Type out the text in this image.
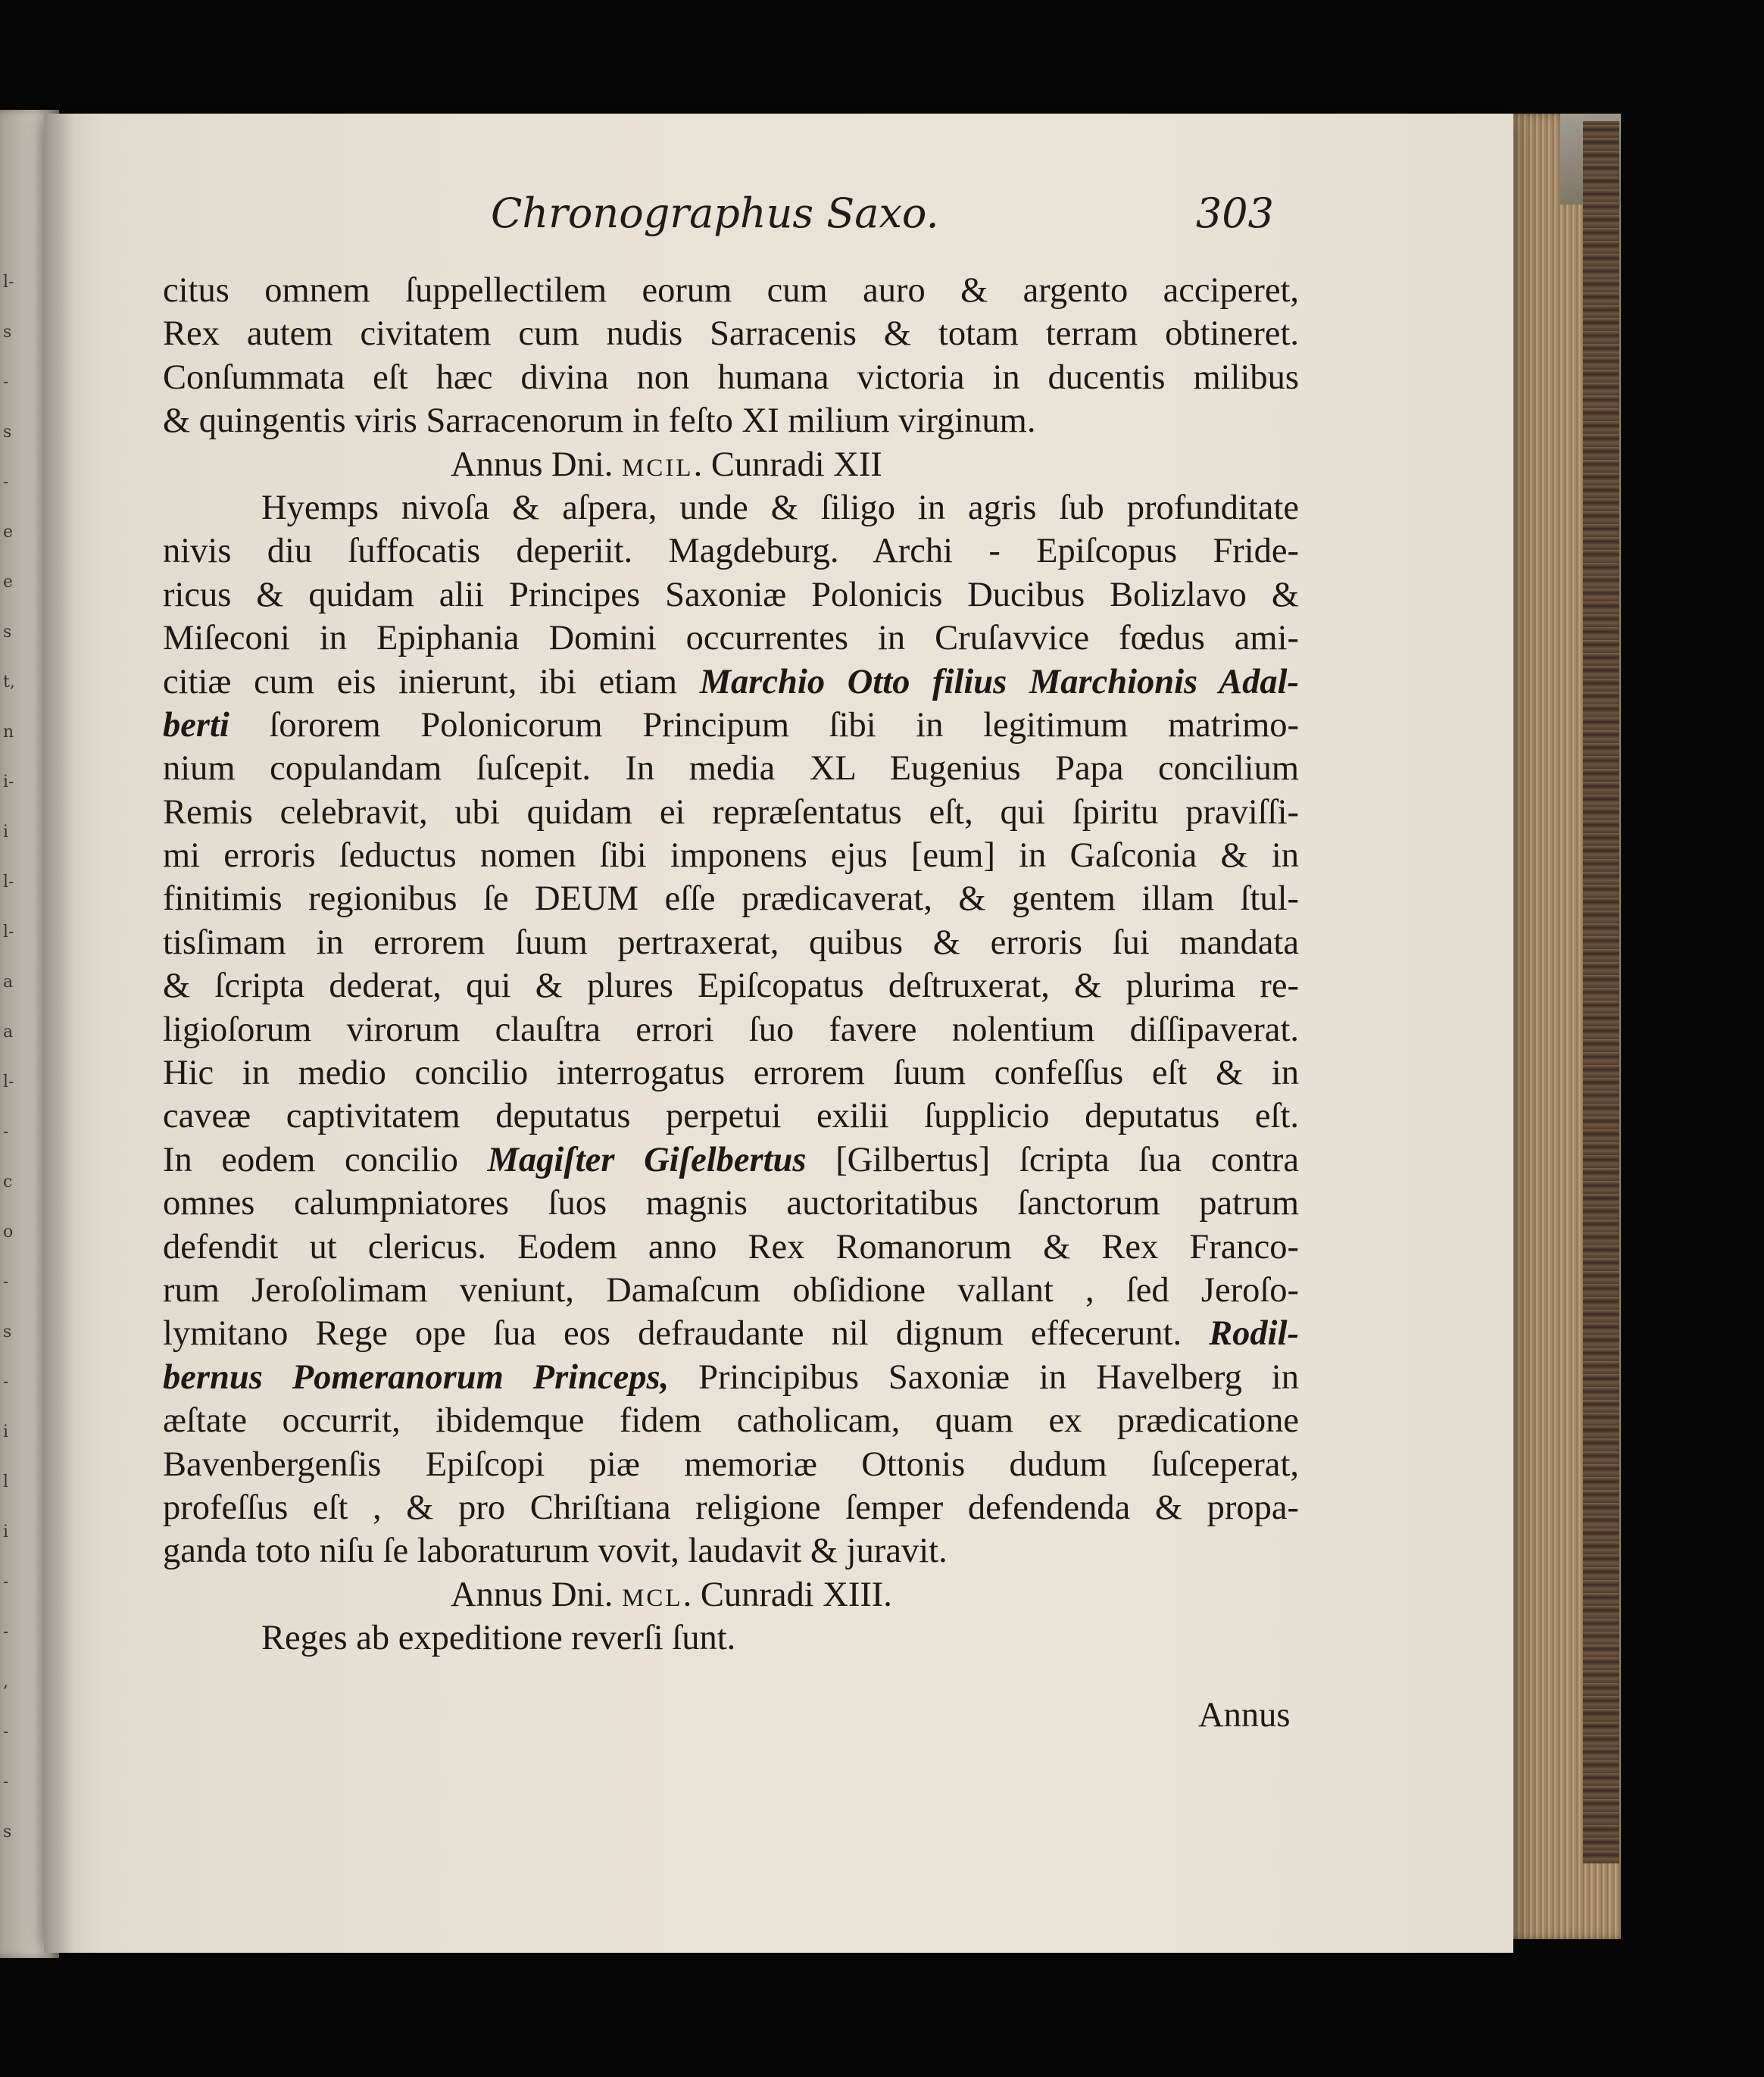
l-
s
-
s
-
e
e
s
t,
n
i-
i
l-
l-
a
a
l-
-
c
o
-
s
-
i
l
i
-
-
,
-
-
s
Chronographus Saxo.	303
citus omnem ſuppellectilem eorum cum auro & argento acciperet,
Rex autem civitatem cum nudis Sarracenis & totam terram obtineret.
Conſummata eſt hæc divina non humana victoria in ducentis milibus
& quingentis viris Sarracenorum in feſto XI milium virginum.
Annus Dni. mcil. Cunradi XII
Hyemps nivoſa & aſpera, unde & ſiligo in agris ſub profunditate
nivis diu ſuffocatis deperiit. Magdeburg. Archi - Epiſcopus Fride-
ricus & quidam alii Principes Saxoniæ Polonicis Ducibus Bolizlavo &
Miſeconi in Epiphania Domini occurrentes in Cruſavvice fœdus ami-
citiæ cum eis inierunt, ibi etiam Marchio Otto filius Marchionis Adal-
berti ſororem Polonicorum Principum ſibi in legitimum matrimo-
nium copulandam ſuſcepit. In media XL Eugenius Papa concilium
Remis celebravit, ubi quidam ei repræſentatus eſt, qui ſpiritu praviſſi-
mi erroris ſeductus nomen ſibi imponens ejus [eum] in Gaſconia & in
finitimis regionibus ſe DEUM eſſe prædicaverat, & gentem illam ſtul-
tisſimam in errorem ſuum pertraxerat, quibus & erroris ſui mandata
& ſcripta dederat, qui & plures Epiſcopatus deſtruxerat, & plurima re-
ligioſorum virorum clauſtra errori ſuo favere nolentium diſſipaverat.
Hic in medio concilio interrogatus errorem ſuum confeſſus eſt & in
caveæ captivitatem deputatus perpetui exilii ſupplicio deputatus eſt.
In eodem concilio Magiſter Giſelbertus [Gilbertus] ſcripta ſua contra
omnes calumpniatores ſuos magnis auctoritatibus ſanctorum patrum
defendit ut clericus. Eodem anno Rex Romanorum & Rex Franco-
rum Jeroſolimam veniunt, Damaſcum obſidione vallant , ſed Jeroſo-
lymitano Rege ope ſua eos defraudante nil dignum effecerunt. Rodil-
bernus Pomeranorum Princeps, Principibus Saxoniæ in Havelberg in
æſtate occurrit, ibidemque fidem catholicam, quam ex prædicatione
Bavenbergenſis Epiſcopi piæ memoriæ Ottonis dudum ſuſceperat,
profeſſus eſt , & pro Chriſtiana religione ſemper defendenda & propa-
ganda toto niſu ſe laboraturum vovit, laudavit & juravit.
Annus Dni. mcl. Cunradi XIII.
Reges ab expeditione reverſi ſunt.
Annus
